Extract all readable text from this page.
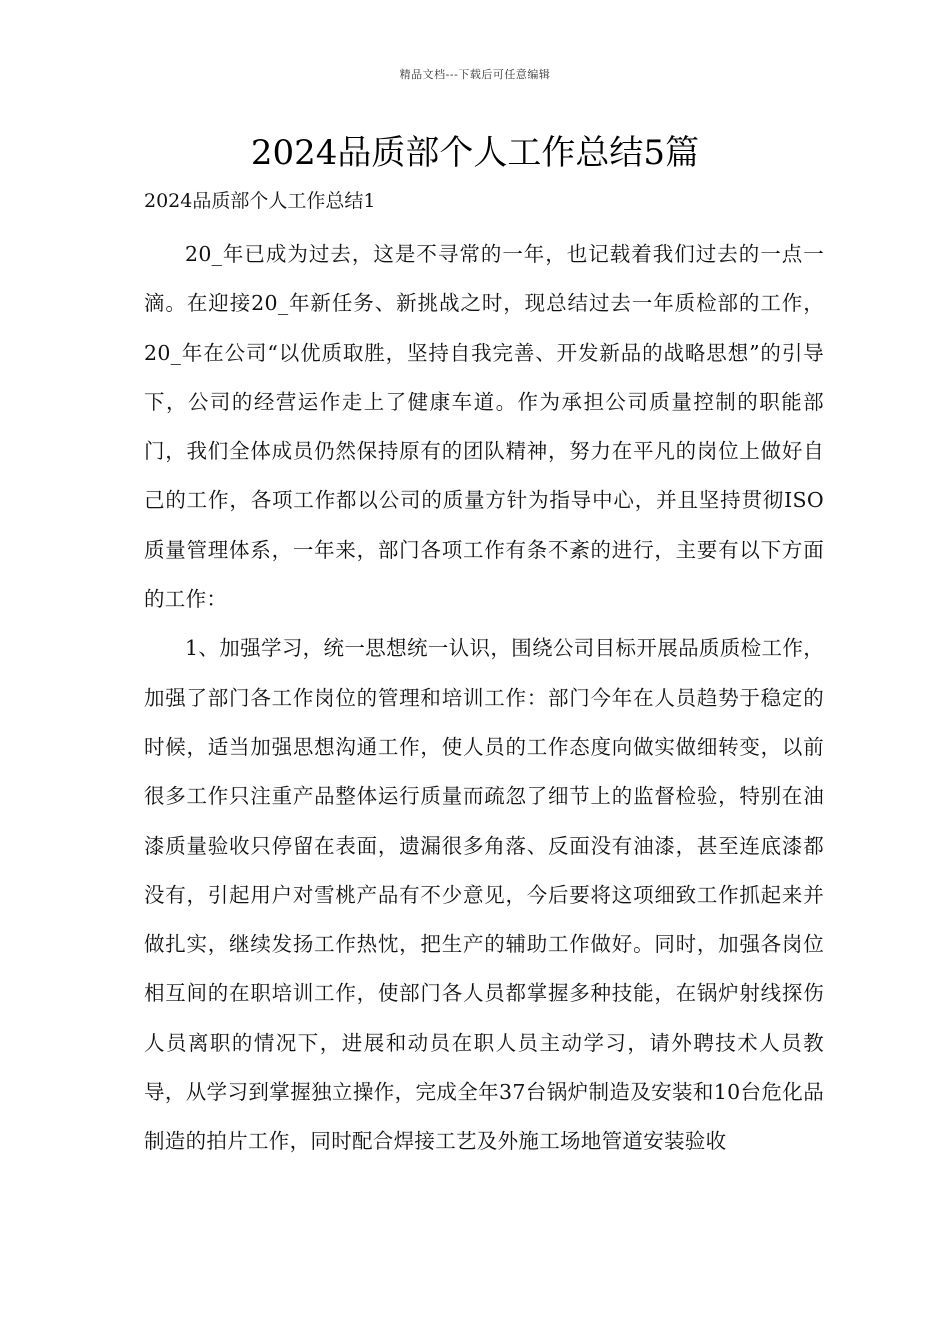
精品文档---下载后可任意编辑
2024品质部个人工作总结5篇
2024品质部个人工作总结1

20_年已成为过去，这是不寻常的一年，也记载着我们过去的一点一滴。在迎接20_年新任务、新挑战之时，现总结过去一年质检部的工作，20_年在公司“以优质取胜，坚持自我完善、开发新品的战略思想”的引导下，公司的经营运作走上了健康车道。作为承担公司质量控制的职能部门，我们全体成员仍然保持原有的团队精神，努力在平凡的岗位上做好自己的工作，各项工作都以公司的质量方针为指导中心，并且坚持贯彻ISO质量管理体系，一年来，部门各项工作有条不紊的进行，主要有以下方面的工作：

1、加强学习，统一思想统一认识，围绕公司目标开展品质质检工作，加强了部门各工作岗位的管理和培训工作：部门今年在人员趋势于稳定的时候，适当加强思想沟通工作，使人员的工作态度向做实做细转变，以前很多工作只注重产品整体运行质量而疏忽了细节上的监督检验，特别在油漆质量验收只停留在表面，遗漏很多角落、反面没有油漆，甚至连底漆都没有，引起用户对雪桃产品有不少意见，今后要将这项细致工作抓起来并做扎实，继续发扬工作热忱，把生产的辅助工作做好。同时，加强各岗位相互间的在职培训工作，使部门各人员都掌握多种技能，在锅炉射线探伤人员离职的情况下，进展和动员在职人员主动学习，请外聘技术人员教导，从学习到掌握独立操作，完成全年37台锅炉制造及安装和10台危化品制造的拍片工作，同时配合焊接工艺及外施工场地管道安装验收
